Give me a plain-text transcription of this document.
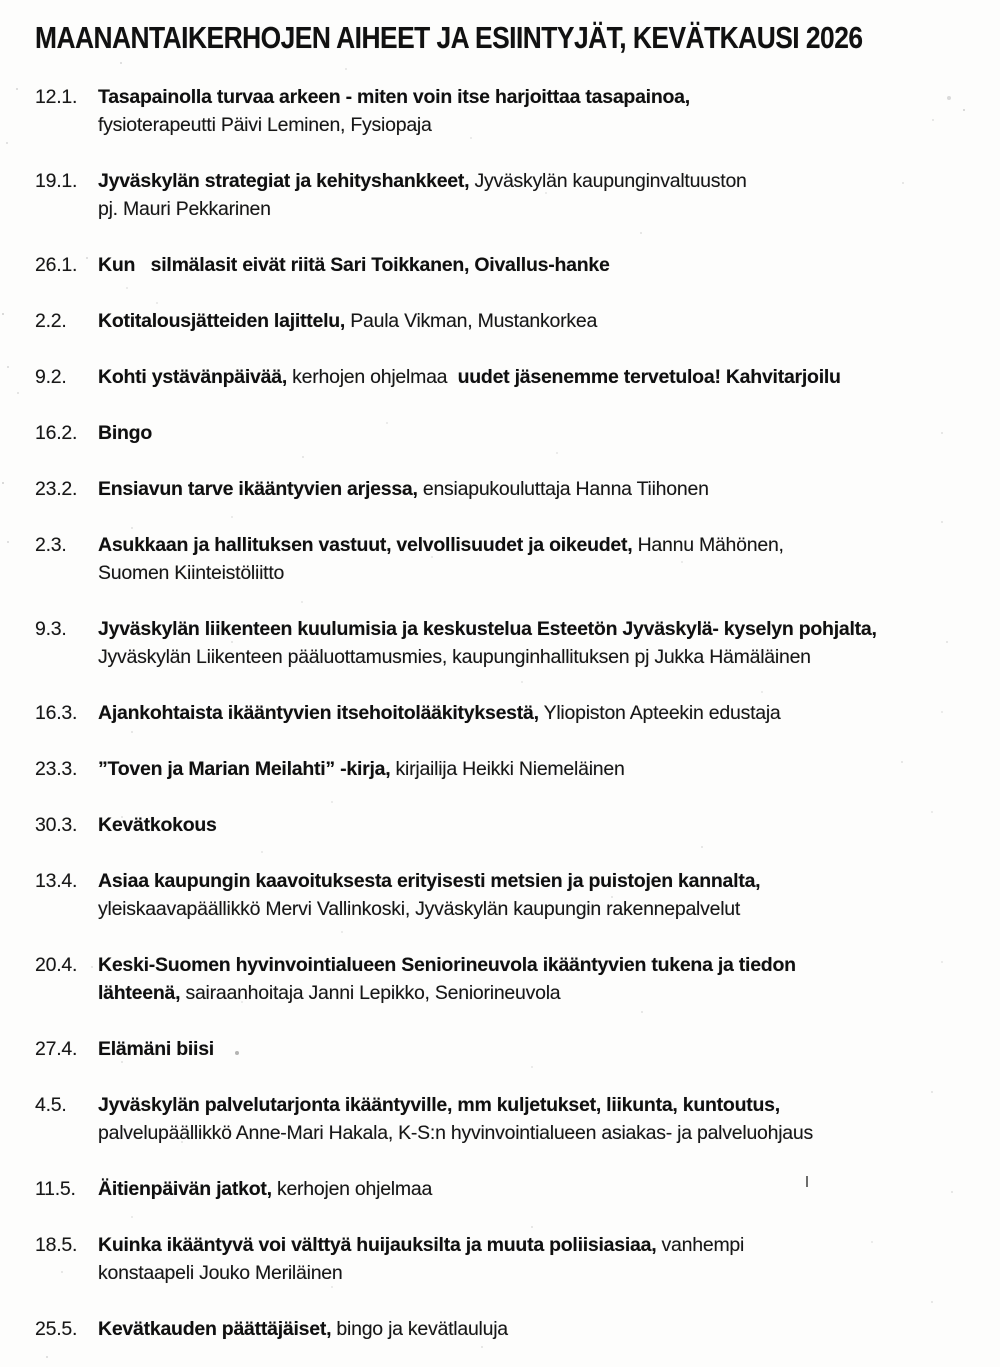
MAANANTAIKERHOJEN AIHEET JA ESIINTYJÄT, KEVÄTKAUSI 2026
12.1.	Tasapainolla turvaa arkeen - miten voin itse harjoittaa tasapainoa,
fysioterapeutti Päivi Leminen, Fysiopaja
19.1.	Jyväskylän strategiat ja kehityshankkeet, Jyväskylän kaupunginvaltuuston
pj. Mauri Pekkarinen
26.1.	Kun   silmälasit eivät riitä Sari Toikkanen, Oivallus-hanke
2.2.	Kotitalousjätteiden lajittelu, Paula Vikman, Mustankorkea
9.2.	Kohti ystävänpäivää, kerhojen ohjelmaa  uudet jäsenemme tervetuloa! Kahvitarjoilu
16.2.	Bingo
23.2.	Ensiavun tarve ikääntyvien arjessa, ensiapukouluttaja Hanna Tiihonen
2.3.	Asukkaan ja hallituksen vastuut, velvollisuudet ja oikeudet, Hannu Mähönen,
Suomen Kiinteistöliitto
9.3.	Jyväskylän liikenteen kuulumisia ja keskustelua Esteetön Jyväskylä- kyselyn pohjalta,
Jyväskylän Liikenteen pääluottamusmies, kaupunginhallituksen pj Jukka Hämäläinen
16.3.	Ajankohtaista ikääntyvien itsehoitolääkityksestä, Yliopiston Apteekin edustaja
23.3.	”Toven ja Marian Meilahti” -kirja, kirjailija Heikki Niemeläinen
30.3.	Kevätkokous
13.4.	Asiaa kaupungin kaavoituksesta erityisesti metsien ja puistojen kannalta,
yleiskaavapäällikkö Mervi Vallinkoski, Jyväskylän kaupungin rakennepalvelut
20.4.	Keski-Suomen hyvinvointialueen Seniorineuvola ikääntyvien tukena ja tiedon
lähteenä, sairaanhoitaja Janni Lepikko, Seniorineuvola
27.4.	Elämäni biisi
4.5.	Jyväskylän palvelutarjonta ikääntyville, mm kuljetukset, liikunta, kuntoutus,
palvelupäällikkö Anne-Mari Hakala, K-S:n hyvinvointialueen asiakas- ja palveluohjaus
11.5.	Äitienpäivän jatkot, kerhojen ohjelmaa
18.5.	Kuinka ikääntyvä voi välttyä huijauksilta ja muuta poliisiasiaa, vanhempi
konstaapeli Jouko Meriläinen
25.5.	Kevätkauden päättäjäiset, bingo ja kevätlauluja
